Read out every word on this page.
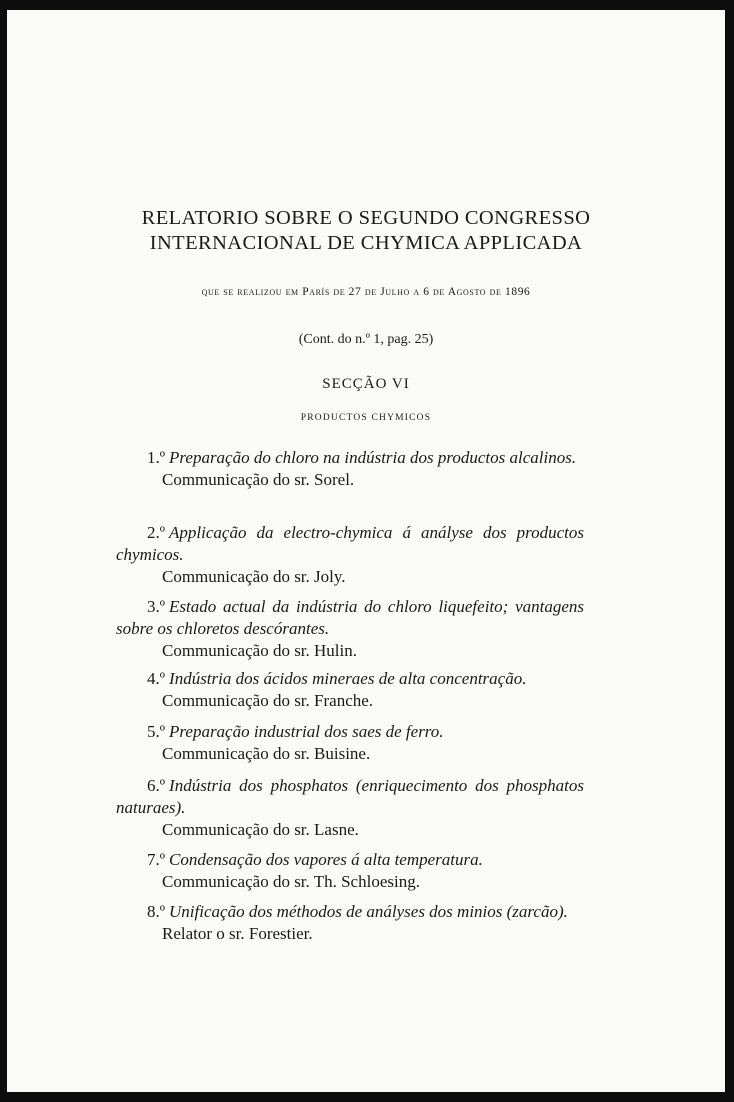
RELATORIO SOBRE O SEGUNDO CONGRESSO
INTERNACIONAL DE CHYMICA APPLICADA
que se realizou em París de 27 de Julho a 6 de Agosto de 1896
(Cont. do n.º 1, pag. 25)
SECÇÃO VI
PRODUCTOS CHYMICOS
1.º Preparação do chloro na indústria dos productos alcalinos.
Communicação do sr. Sorel.
2.º Applicação da electro-chymica á anályse dos productos chymicos.
Communicação do sr. Joly.
3.º Estado actual da indústria do chloro liquefeito; vantagens sobre os chloretos descórantes.
Communicação do sr. Hulin.
4.º Indústria dos ácidos mineraes de alta concentração.
Communicação do sr. Franche.
5.º Preparação industrial dos saes de ferro.
Communicação do sr. Buisine.
6.º Indústria dos phosphatos (enriquecimento dos phosphatos naturaes).
Communicação do sr. Lasne.
7.º Condensação dos vapores á alta temperatura.
Communicação do sr. Th. Schloesing.
8.º Unificação dos méthodos de anályses dos minios (zarcão).
Relator o sr. Forestier.
